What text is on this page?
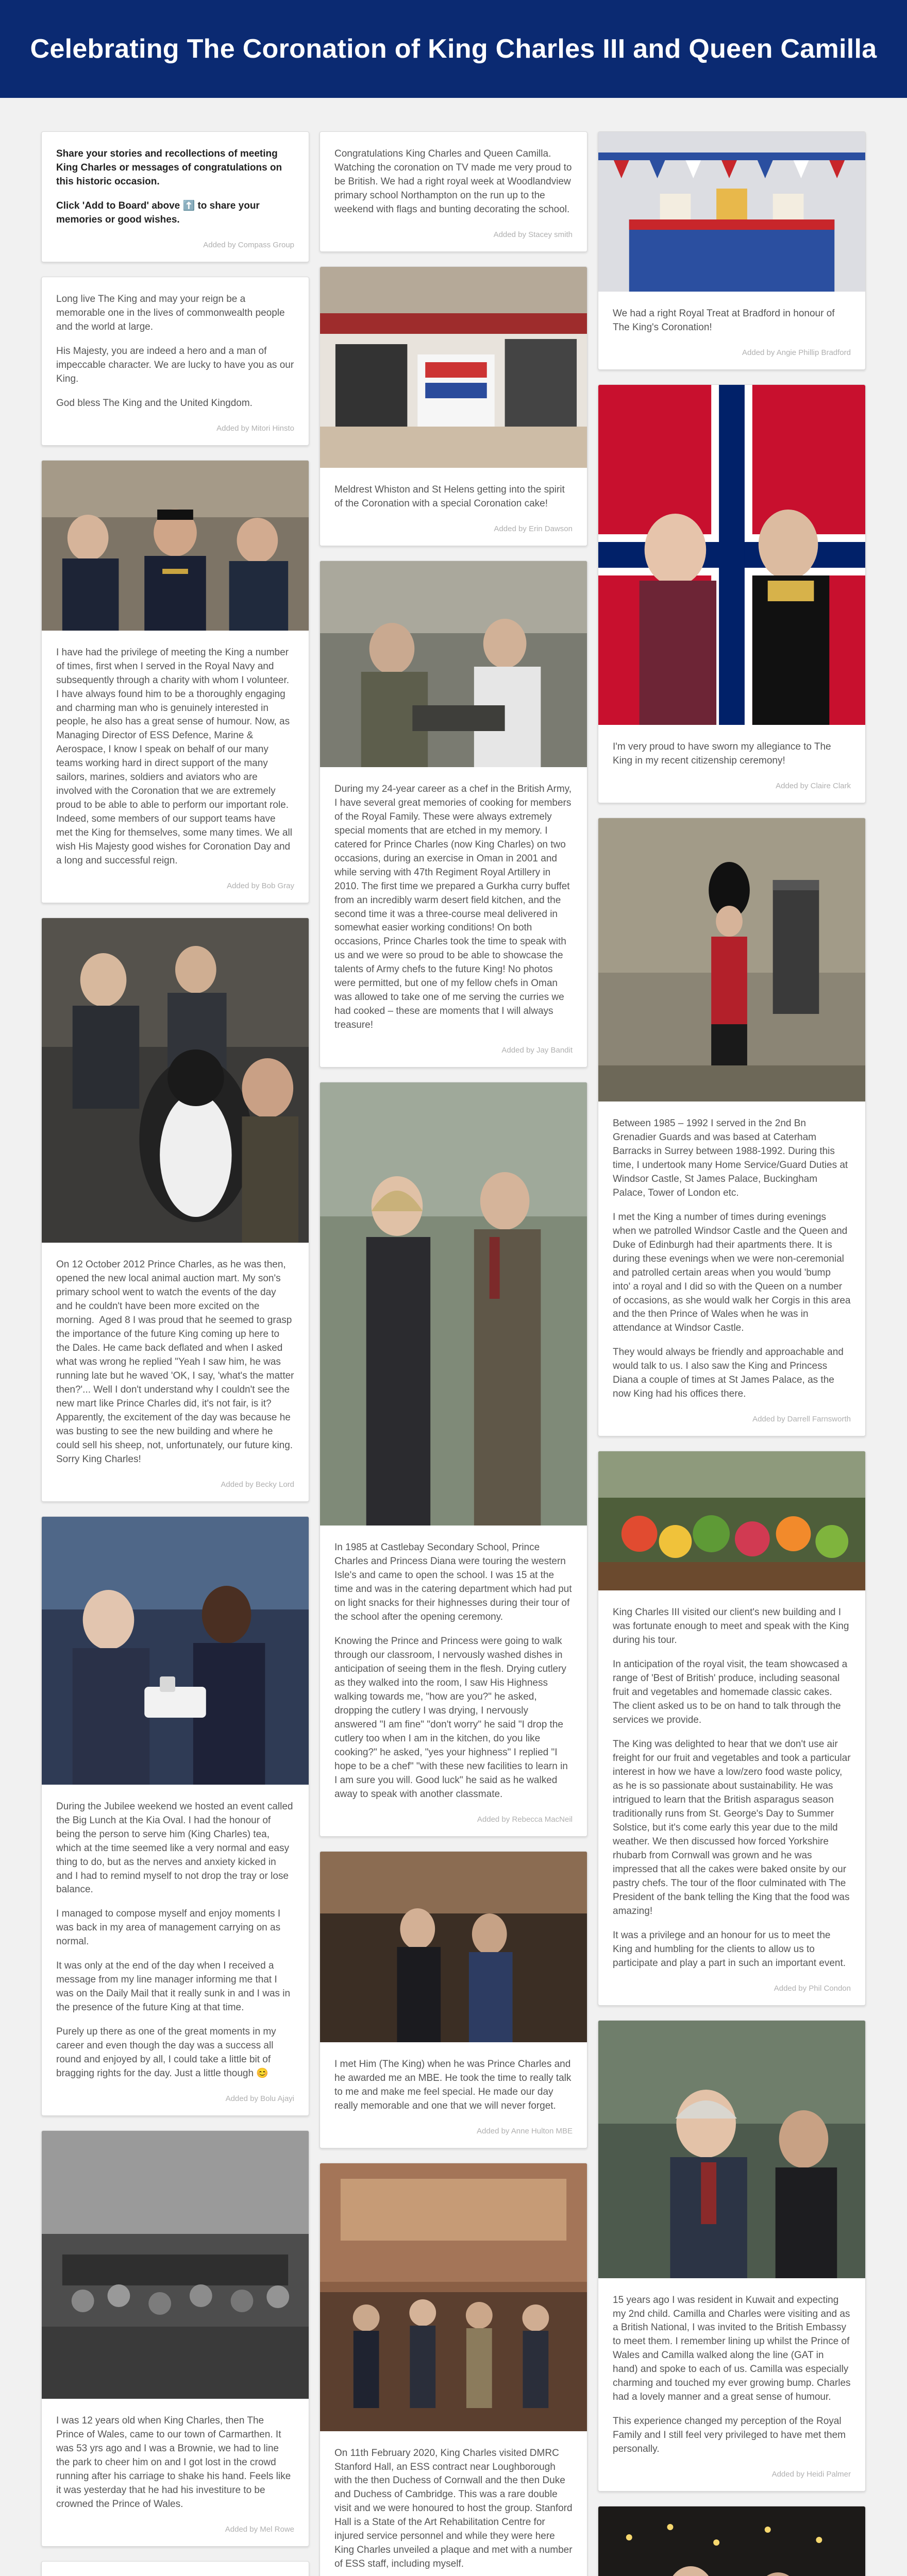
Celebrating The Coronation of King Charles III and Queen Camilla

Share your stories and recollections of meeting King Charles or messages of congratulations on this historic occasion.

Click 'Add to Board' above ⬆️ to share your memories or good wishes.

Added by Compass Group

Long live The King and may your reign be a memorable one in the lives of commonwealth people and the world at large.

His Majesty, you are indeed a hero and a man of impeccable character. We are lucky to have you as our King.

God bless The King and the United Kingdom.

Added by Mitori Hinsto

I have had the privilege of meeting the King a number of times, first when I served in the Royal Navy and subsequently through a charity with whom I volunteer. I have always found him to be a thoroughly engaging and charming man who is genuinely interested in people, he also has a great sense of humour. Now, as Managing Director of ESS Defence, Marine & Aerospace, I know I speak on behalf of our many teams working hard in direct support of the many sailors, marines, soldiers and aviators who are involved with the Coronation that we are extremely proud to be able to able to perform our important role. Indeed, some members of our support teams have met the King for themselves, some many times. We all wish His Majesty good wishes for Coronation Day and a long and successful reign.

Added by Bob Gray

On 12 October 2012 Prince Charles, as he was then, opened the new local animal auction mart. My son's primary school went to watch the events of the day and he couldn't have been more excited on the morning.  Aged 8 I was proud that he seemed to grasp the importance of the future King coming up here to the Dales. He came back deflated and when I asked what was wrong he replied "Yeah I saw him, he was running late but he waved 'OK, I say, 'what's the matter then?'... Well I don't understand why I couldn't see the new mart like Prince Charles did, it's not fair, is it? Apparently, the excitement of the day was because he was busting to see the new building and where he could sell his sheep, not, unfortunately, our future king. Sorry King Charles!

Added by Becky Lord

During the Jubilee weekend we hosted an event called the Big Lunch at the Kia Oval. I had the honour of being the person to serve him (King Charles) tea, which at the time seemed like a very normal and easy thing to do, but as the nerves and anxiety kicked in and I had to remind myself to not drop the tray or lose balance.

I managed to compose myself and enjoy moments I was back in my area of management carrying on as normal.

It was only at the end of the day when I received a message from my line manager informing me that I was on the Daily Mail that it really sunk in and I was in the presence of the future King at that time.

Purely up there as one of the great moments in my career and even though the day was a success all round and enjoyed by all, I could take a little bit of bragging rights for the day. Just a little though 😊

Added by Bolu Ajayi

I was 12 years old when King Charles, then The Prince of Wales, came to our town of Carmarthen. It was 53 yrs ago and I was a Brownie, we had to line the park to cheer him on and I got lost in the crowd running after his carriage to shake his hand. Feels like it was yesterday that he had his investiture to be crowned the Prince of Wales.

Added by Mel Rowe

Congratulations King Charles and Queen Camilla. Watching the coronation on TV made me very proud to be British. We had a right royal week at Woodlandview primary school Northampton on the run up to the weekend with flags and bunting decorating the school.

Added by Stacey smith

Meldrest Whiston and St Helens getting into the spirit of the Coronation with a special Coronation cake!

Added by Erin Dawson

During my 24-year career as a chef in the British Army, I have several great memories of cooking for members of the Royal Family. These were always extremely special moments that are etched in my memory. I catered for Prince Charles (now King Charles) on two occasions, during an exercise in Oman in 2001 and while serving with 47th Regiment Royal Artillery in 2010. The first time we prepared a Gurkha curry buffet from an incredibly warm desert field kitchen, and the second time it was a three-course meal delivered in somewhat easier working conditions! On both occasions, Prince Charles took the time to speak with us and we were so proud to be able to showcase the talents of Army chefs to the future King! No photos were permitted, but one of my fellow chefs in Oman was allowed to take one of me serving the curries we had cooked – these are moments that I will always treasure!

Added by Jay Bandit

In 1985 at Castlebay Secondary School, Prince Charles and Princess Diana were touring the western Isle's and came to open the school. I was 15 at the time and was in the catering department which had put on light snacks for their highnesses during their tour of the school after the opening ceremony.

Knowing the Prince and Princess were going to walk through our classroom, I nervously washed dishes in anticipation of seeing them in the flesh. Drying cutlery as they walked into the room, I saw His Highness walking towards me, "how are you?" he asked, dropping the cutlery I was drying, I nervously answered "I am fine" "don't worry" he said "I drop the cutlery too when I am in the kitchen, do you like cooking?" he asked, "yes your highness" I replied "I hope to be a chef" "with these new facilities to learn in I am sure you will. Good luck" he said as he walked away to speak with another classmate.

Added by Rebecca MacNeil

I met Him (The King) when he was Prince Charles and he awarded me an MBE. He took the time to really talk to me and make me feel special. He made our day really memorable and one that we will never forget.

Added by Anne Hulton MBE

On 11th February 2020, King Charles visited DMRC Stanford Hall, an ESS contract near Loughborough with the then Duchess of Cornwall and the then Duke and Duchess of Cambridge. This was a rare double visit and we were honoured to host the group. Stanford Hall is a State of the Art Rehabilitation Centre for injured service personnel and while they were here King Charles unveiled a plaque and met with a number of ESS staff, including myself.

We had a right Royal Treat at Bradford in honour of The King's Coronation!

Added by Angie Phillip Bradford

I'm very proud to have sworn my allegiance to The King in my recent citizenship ceremony!

Added by Claire Clark

Between 1985 – 1992 I served in the 2nd Bn Grenadier Guards and was based at Caterham Barracks in Surrey between 1988-1992. During this time, I undertook many Home Service/Guard Duties at Windsor Castle, St James Palace, Buckingham Palace, Tower of London etc.

I met the King a number of times during evenings when we patrolled Windsor Castle and the Queen and Duke of Edinburgh had their apartments there. It is during these evenings when we were non-ceremonial and patrolled certain areas when you would 'bump into' a royal and I did so with the Queen on a number of occasions, as she would walk her Corgis in this area and the then Prince of Wales when he was in attendance at Windsor Castle.

They would always be friendly and approachable and would talk to us. I also saw the King and Princess Diana a couple of times at St James Palace, as the now King had his offices there.

Added by Darrell Farnsworth

King Charles III visited our client's new building and I was fortunate enough to meet and speak with the King during his tour.

In anticipation of the royal visit, the team showcased a range of 'Best of British' produce, including seasonal fruit and vegetables and homemade classic cakes. The client asked us to be on hand to talk through the services we provide.

The King was delighted to hear that we don't use air freight for our fruit and vegetables and took a particular interest in how we have a low/zero food waste policy, as he is so passionate about sustainability. He was intrigued to learn that the British asparagus season traditionally runs from St. George's Day to Summer Solstice, but it's come early this year due to the mild weather. We then discussed how forced Yorkshire rhubarb from Cornwall was grown and he was impressed that all the cakes were baked onsite by our pastry chefs. The tour of the floor culminated with The President of the bank telling the King that the food was amazing!

It was a privilege and an honour for us to meet the King and humbling for the clients to allow us to participate and play a part in such an important event.

Added by Phil Condon

15 years ago I was resident in Kuwait and expecting my 2nd child. Camilla and Charles were visiting and as a British National, I was invited to the British Embassy to meet them. I remember lining up whilst the Prince of Wales and Camilla walked along the line (GAT in hand) and spoke to each of us. Camilla was especially charming and touched my ever growing bump. Charles had a lovely manner and a great sense of humour.

This experience changed my perception of the Royal Family and I still feel very privileged to have met them personally.

Added by Heidi Palmer
